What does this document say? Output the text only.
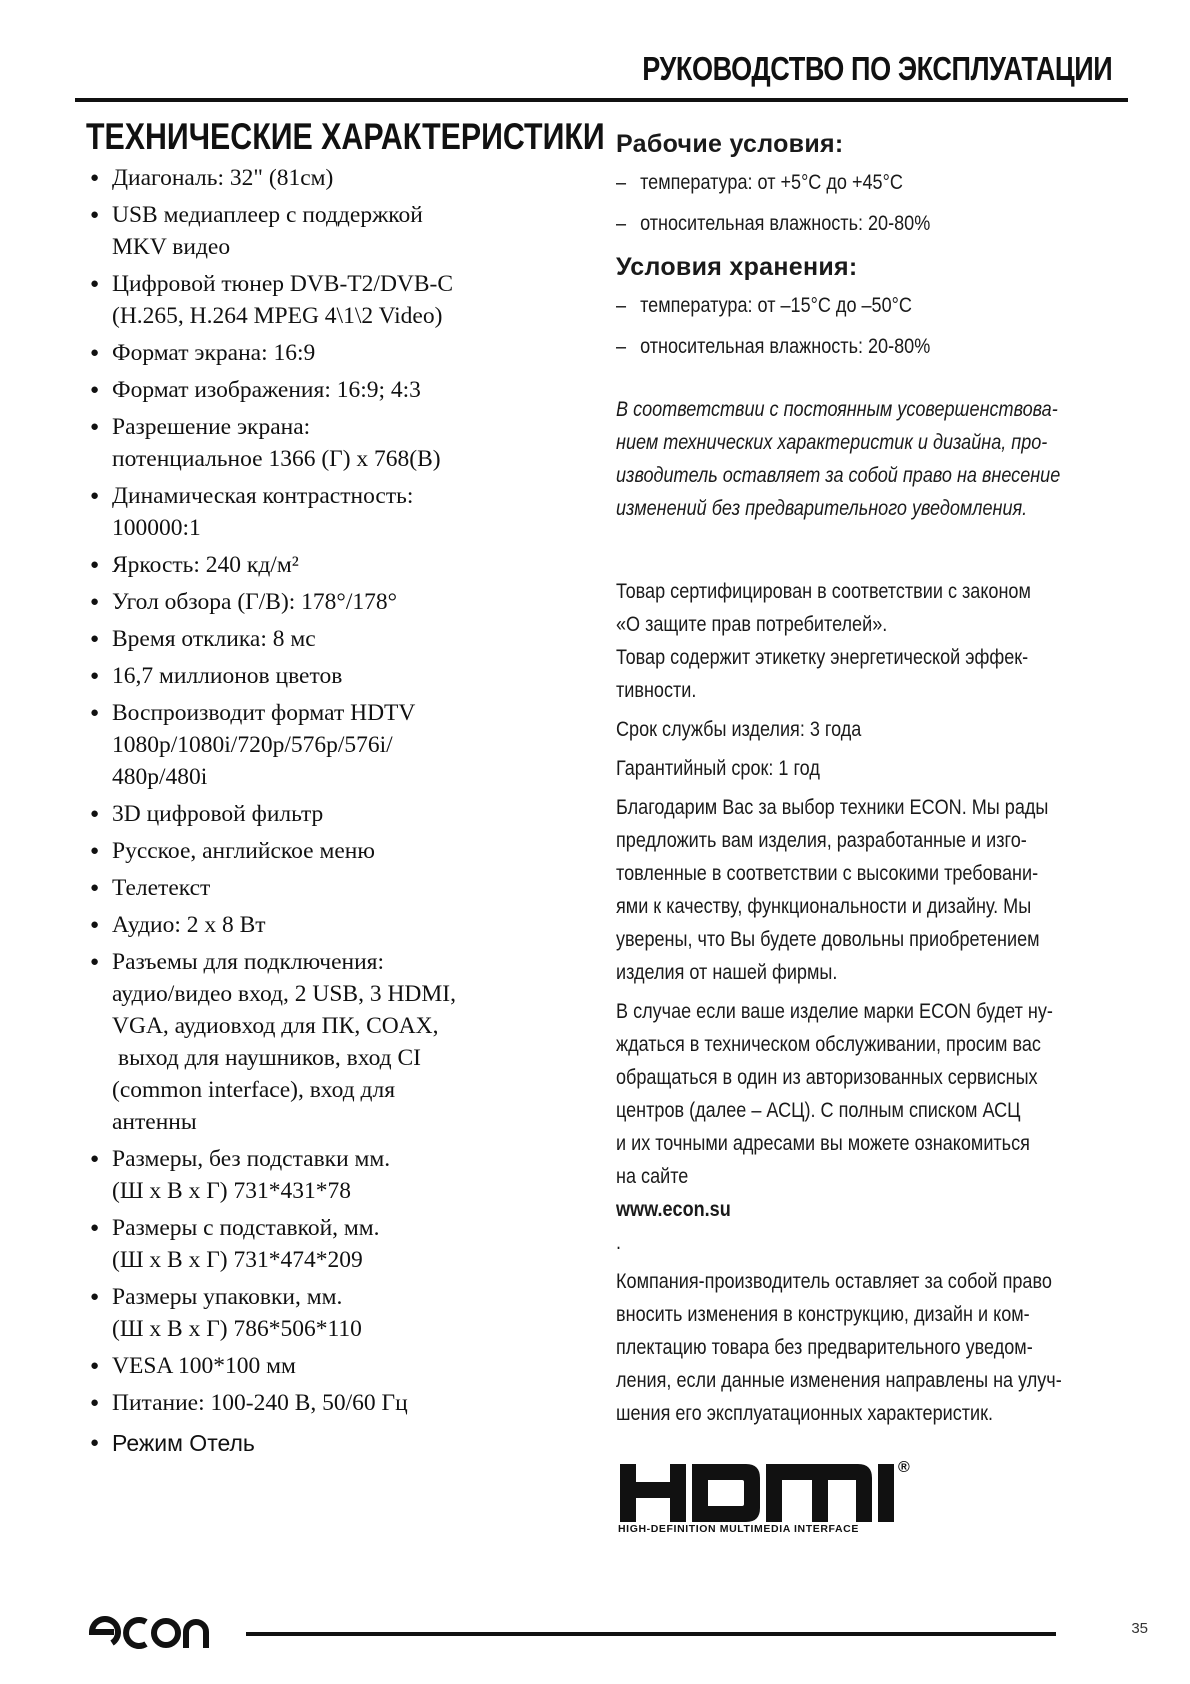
РУКОВОДСТВО ПО ЭКСПЛУАТАЦИИ
ТЕХНИЧЕСКИЕ ХАРАКТЕРИСТИКИ
● Диагональ: 32" (81см)
● USB медиаплеер с поддержкой
MKV видео
● Цифровой тюнер DVB-T2/DVB-C
(H.265, H.264 MPEG 4\1\2 Video)
● Формат экрана: 16:9
● Формат изображения: 16:9; 4:3
● Разрешение экрана:
потенциальное 1366 (Г) х 768(В)
● Динамическая контрастность:
100000:1
● Яркость: 240 кд/м²
● Угол обзора (Г/В): 178°/178°
● Время отклика: 8 мс
● 16,7 миллионов цветов
● Воспроизводит формат HDTV
1080p/1080i/720p/576p/576i/
480p/480i
● 3D цифровой фильтр
● Русское, английское меню
● Телетекст
● Аудио: 2 х 8 Вт
● Разъемы для подключения:
аудио/видео вход, 2 USB, 3 HDMI,
VGA, аудиовход для ПК, COAX,
выход для наушников, вход CI
(common interface), вход для
антенны
● Размеры, без подставки мм.
(Ш х В х Г) 731*431*78
● Размеры с подставкой, мм.
(Ш х В х Г) 731*474*209
● Размеры упаковки, мм.
(Ш х В х Г) 786*506*110
● VESA 100*100 мм
● Питание: 100-240 В, 50/60 Гц
● Режим Отель
Рабочие условия:
– температура: от +5°C до +45°C
– относительная влажность: 20-80%
Условия хранения:
– температура: от –15°C до –50°C
– относительная влажность: 20-80%
В соответствии с постоянным усовершенствова-
нием технических характеристик и дизайна, про-
изводитель оставляет за собой право на внесение
изменений без предварительного уведомления.

Товар сертифицирован в соответствии с законом
«О защите прав потребителей».

Товар содержит этикетку энергетической эффек-
тивности.

Срок службы изделия: 3 года

Гарантийный срок: 1 год

Благодарим Вас за выбор техники ECON. Мы рады
предложить вам изделия, разработанные и изго-
товленные в соответствии с высокими требовани-
ями к качеству, функциональности и дизайну. Мы
уверены, что Вы будете довольны приобретением
изделия от нашей фирмы.

В случае если ваше изделие марки ECON будет ну-
ждаться в техническом обслуживании, просим вас
обращаться в один из авторизованных сервисных
центров (далее – АСЦ). С полным списком АСЦ
и их точными адресами вы можете ознакомиться

на сайте
www.econ.su
.

Компания-производитель оставляет за собой право
вносить изменения в конструкцию, дизайн и ком-
плектацию товара без предварительного уведом-
ления, если данные изменения направлены на улуч-
шения его эксплуатационных характеристик.

®
HIGH-DEFINITION MULTIMEDIA INTERFACE
35
